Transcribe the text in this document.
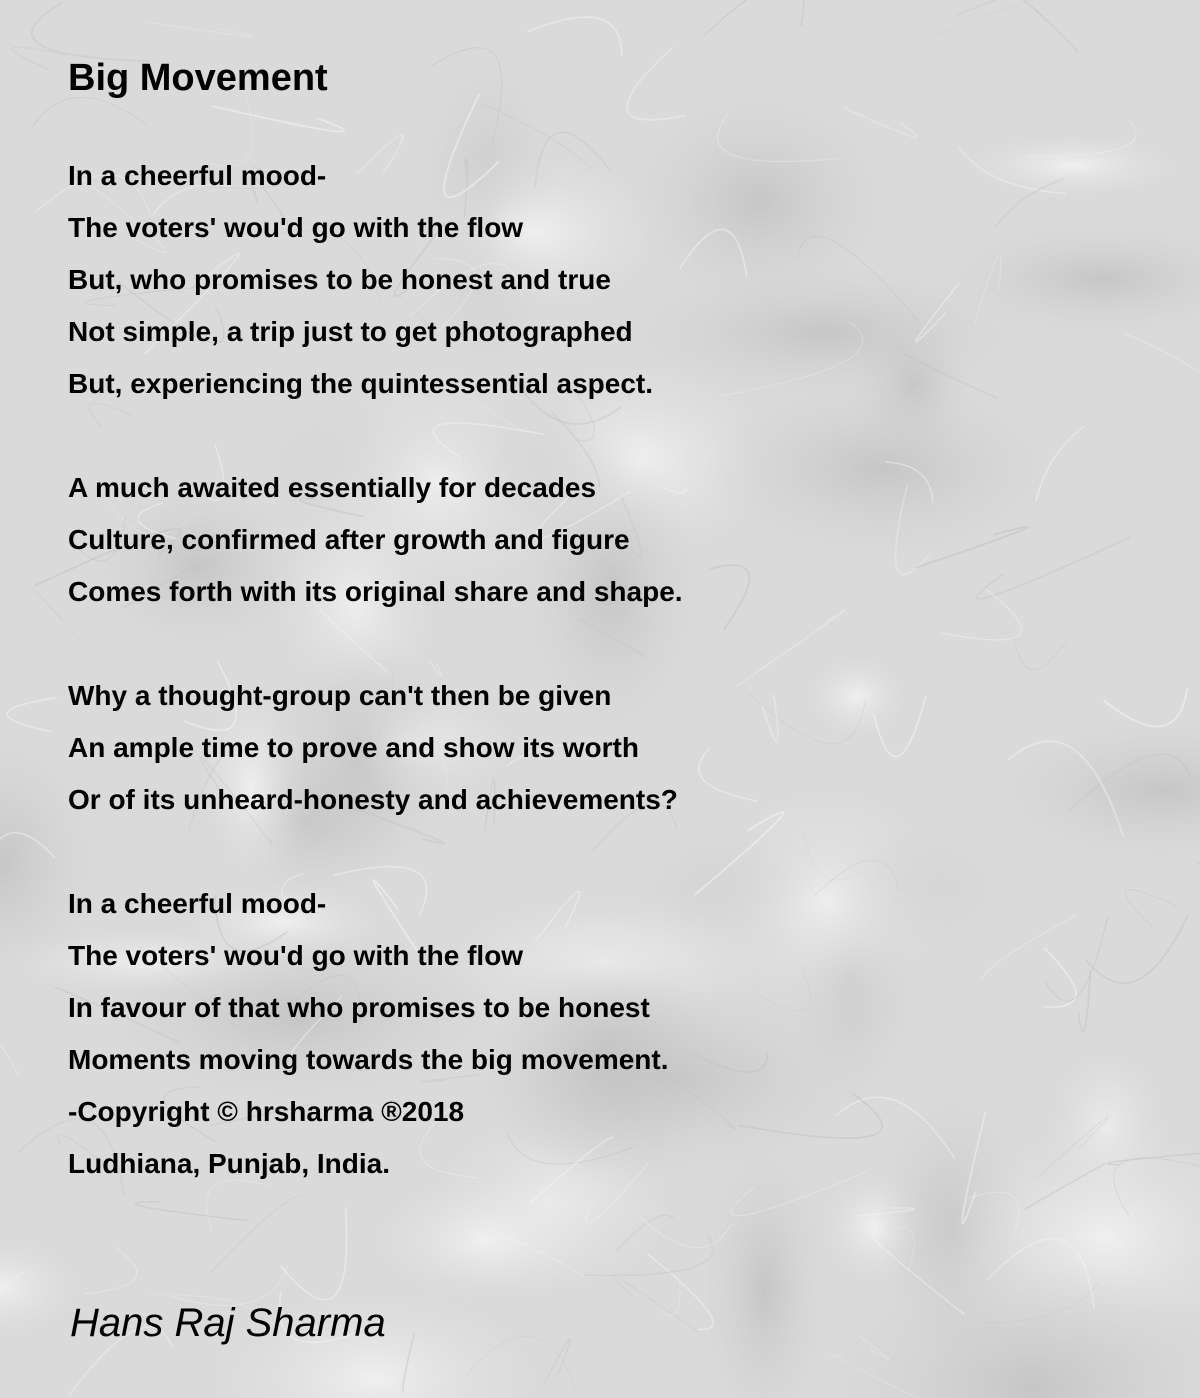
Big Movement
In a cheerful mood-
The voters' wou'd go with the flow
But, who promises to be honest and true
Not simple, a trip just to get photographed
But, experiencing the quintessential aspect.
A much awaited essentially for decades
Culture, confirmed after growth and figure
Comes forth with its original share and shape.
Why a thought-group can't then be given
An ample time to prove and show its worth
Or of its unheard-honesty and achievements?
In a cheerful mood-
The voters' wou'd go with the flow
In favour of that who promises to be honest
Moments moving towards the big movement.
-Copyright © hrsharma ®2018
Ludhiana, Punjab, India.
Hans Raj Sharma
